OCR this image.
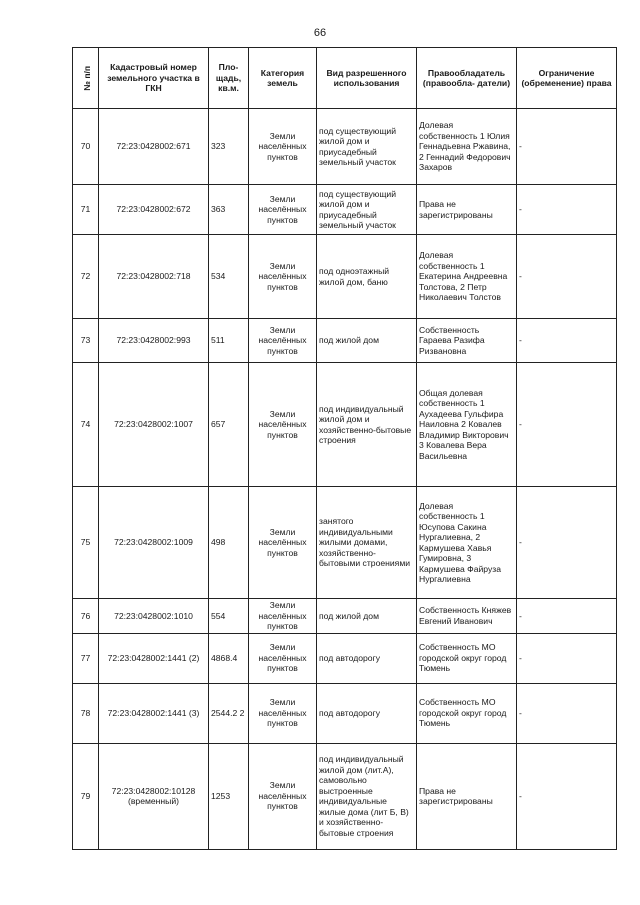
66
№ п/п	Кадастровый номер земельного участка в ГКН	Пло- щадь, кв.м.	Категория земель	Вид разрешенного использования	Правообладатель (правообла- датели)	Ограничение (обременение) права
70	72:23:0428002:671	323	Земли населённых пунктов	под существующий жилой дом и приусадебный земельный участок	Долевая собственность 1 Юлия Геннадьевна Ржавина, 2 Геннадий Федорович Захаров	-
71	72:23:0428002:672	363	Земли населённых пунктов	под существующий жилой дом и приусадебный земельный участок	Права не зарегистрированы	-
72	72:23:0428002:718	534	Земли населённых пунктов	под одноэтажный жилой дом, баню	Долевая собственность 1 Екатерина Андреевна Толстова, 2 Петр Николаевич Толстов	-
73	72:23:0428002:993	511	Земли населённых пунктов	под жилой дом	Собственность Гараева Разифа Ризвановна	-
74	72:23:0428002:1007	657	Земли населённых пунктов	под индивидуальный жилой дом и хозяйственно-бытовые строения	Общая долевая собственность 1 Аухадеева Гульфира Наиловна 2 Ковалев Владимир Викторович 3 Ковалева Вера Васильевна	-
75	72:23:0428002:1009	498	Земли населённых пунктов	занятого индивидуальными жилыми домами, хозяйственно-бытовыми строениями	Долевая собственность 1 Юсупова Сакина Нургалиевна, 2 Кармушева Хавья Гумировна, 3 Кармушева Файруза Нургалиевна	-
76	72:23:0428002:1010	554	Земли населённых пунктов	под жилой дом	Собственность Княжев Евгений Иванович	-
77	72:23:0428002:1441 (2)	4868.4	Земли населённых пунктов	под автодорогу	Собственность МО городской округ город Тюмень	-
78	72:23:0428002:1441 (3)	2544.2 2	Земли населённых пунктов	под автодорогу	Собственность МО городской округ город Тюмень	-
79	72:23:0428002:10128 (временный)	1253	Земли населённых пунктов	под индивидуальный жилой дом (лит.А), самовольно выстроенные индивидуальные жилые дома (лит Б, В) и хозяйственно-бытовые строения	Права не зарегистрированы	-
